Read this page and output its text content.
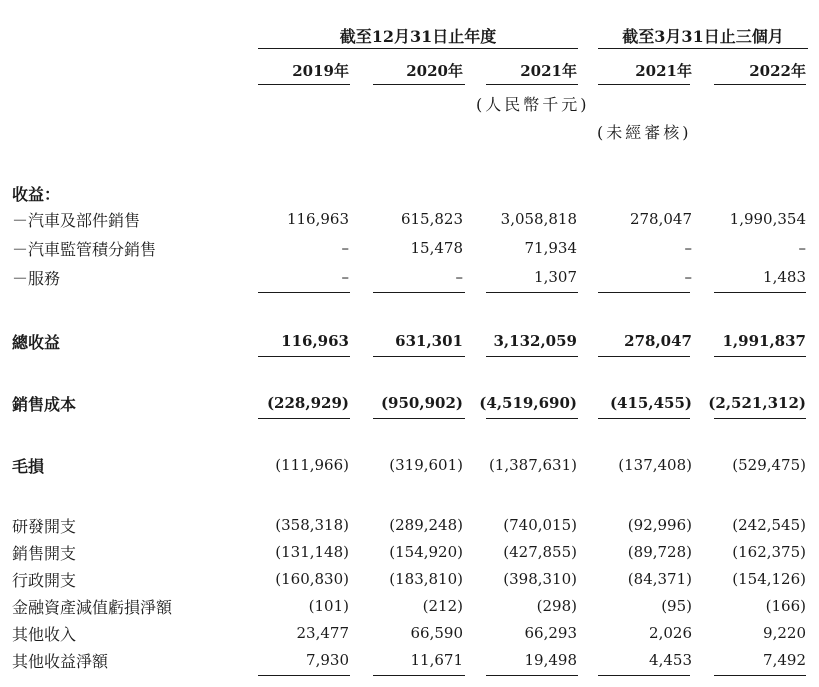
截至12月31日止年度	截至3月31日止三個月
2019年	2020年	2021年	2021年	2022年
(人民幣千元)
(未經審核)
收益：
－汽車及部件銷售	116,963	615,823	3,058,818	278,047	1,990,354
－汽車監管積分銷售	–	15,478	71,934	–	–
－服務	–	–	1,307	–	1,483
總收益	116,963	631,301	3,132,059	278,047	1,991,837
銷售成本	(228,929)	(950,902)	(4,519,690)	(415,455)	(2,521,312)
毛損	(111,966)	(319,601)	(1,387,631)	(137,408)	(529,475)
研發開支	(358,318)	(289,248)	(740,015)	(92,996)	(242,545)
銷售開支	(131,148)	(154,920)	(427,855)	(89,728)	(162,375)
行政開支	(160,830)	(183,810)	(398,310)	(84,371)	(154,126)
金融資產減值虧損淨額	(101)	(212)	(298)	(95)	(166)
其他收入	23,477	66,590	66,293	2,026	9,220
其他收益淨額	7,930	11,671	19,498	4,453	7,492
